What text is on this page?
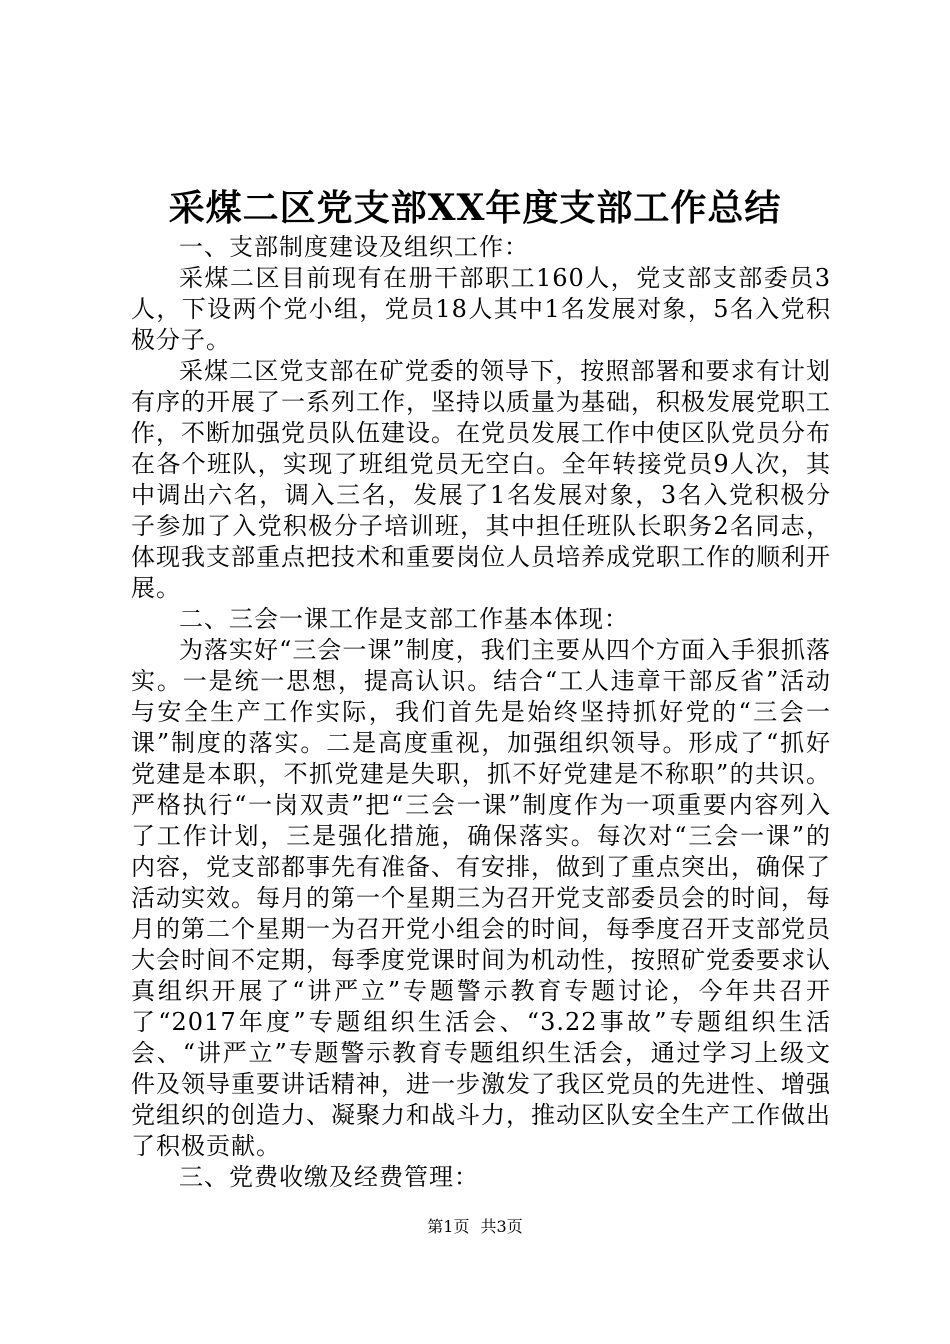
采煤二区党支部XX年度支部工作总结

一、支部制度建设及组织工作：

采煤二区目前现有在册干部职工160人，党支部支部委员3人，下设两个党小组，党员18人其中1名发展对象，5名入党积极分子。

采煤二区党支部在矿党委的领导下，按照部署和要求有计划有序的开展了一系列工作，坚持以质量为基础，积极发展党职工作，不断加强党员队伍建设。在党员发展工作中使区队党员分布在各个班队，实现了班组党员无空白。全年转接党员9人次，其中调出六名，调入三名，发展了1名发展对象，3名入党积极分子参加了入党积极分子培训班，其中担任班队长职务2名同志，体现我支部重点把技术和重要岗位人员培养成党职工作的顺利开展。

二、三会一课工作是支部工作基本体现：

为落实好“三会一课”制度，我们主要从四个方面入手狠抓落实。一是统一思想，提高认识。结合“工人违章干部反省”活动与安全生产工作实际，我们首先是始终坚持抓好党的“三会一课”制度的落实。二是高度重视，加强组织领导。形成了“抓好党建是本职，不抓党建是失职，抓不好党建是不称职”的共识。严格执行“一岗双责”把“三会一课”制度作为一项重要内容列入了工作计划，三是强化措施，确保落实。每次对“三会一课”的内容，党支部都事先有准备、有安排，做到了重点突出，确保了活动实效。每月的第一个星期三为召开党支部委员会的时间，每月的第二个星期一为召开党小组会的时间，每季度召开支部党员大会时间不定期，每季度党课时间为机动性，按照矿党委要求认真组织开展了“讲严立”专题警示教育专题讨论，今年共召开了“2017年度”专题组织生活会、“3.22事故”专题组织生活会、“讲严立”专题警示教育专题组织生活会，通过学习上级文件及领导重要讲话精神，进一步激发了我区党员的先进性、增强党组织的创造力、凝聚力和战斗力，推动区队安全生产工作做出了积极贡献。

三、党费收缴及经费管理：

第1页 共3页
